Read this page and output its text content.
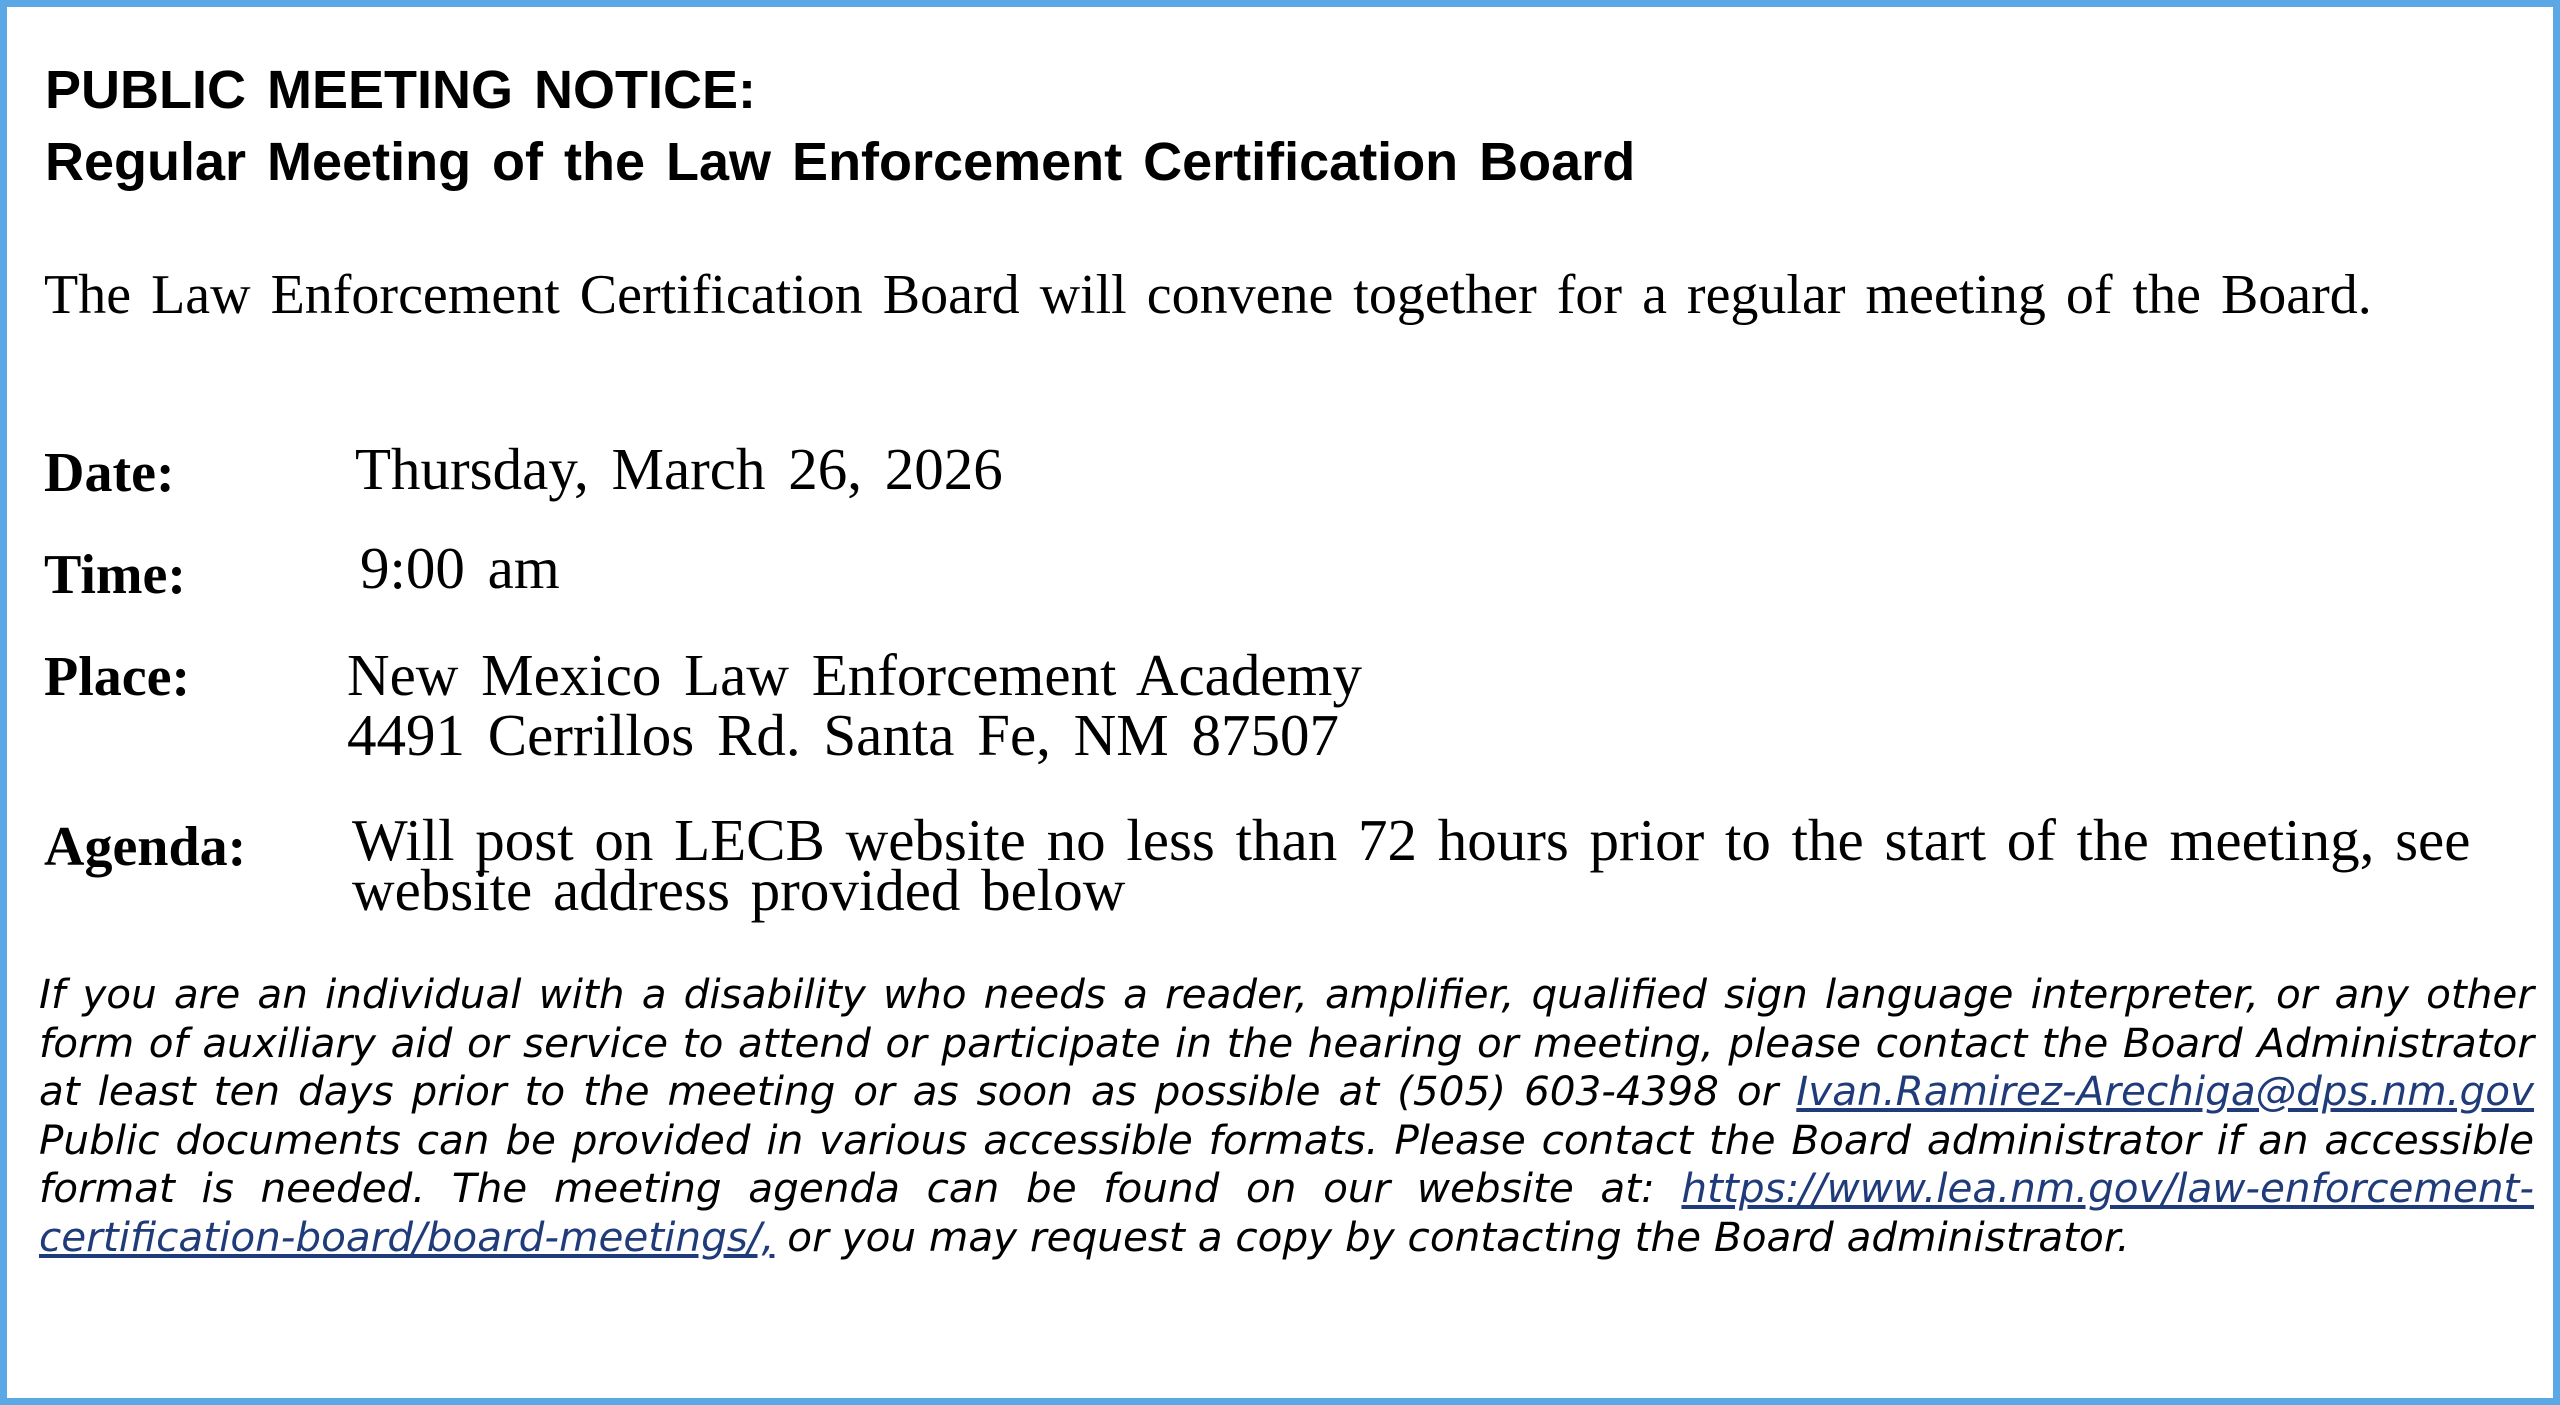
PUBLIC MEETING NOTICE:
Regular Meeting of the Law Enforcement Certification Board

The Law Enforcement Certification Board will convene together for a regular meeting of the Board.

Date:	Thursday, March 26, 2026
Time:	9:00 am
Place:	New Mexico Law Enforcement Academy
4491 Cerrillos Rd. Santa Fe, NM 87507
Agenda: Will post on LECB website no less than 72 hours prior to the start of the meeting, see website address provided below

If you are an individual with a disability who needs a reader, amplifier, qualified sign language interpreter, or any other form of auxiliary aid or service to attend or participate in the hearing or meeting, please contact the Board Administrator at least ten days prior to the meeting or as soon as possible at (505) 603-4398 or Ivan.Ramirez-Arechiga@dps.nm.gov Public documents can be provided in various accessible formats. Please contact the Board administrator if an accessible format is needed. The meeting agenda can be found on our website at: https://www.lea.nm.gov/law-enforcement-certification-board/board-meetings/, or you may request a copy by contacting the Board administrator.
